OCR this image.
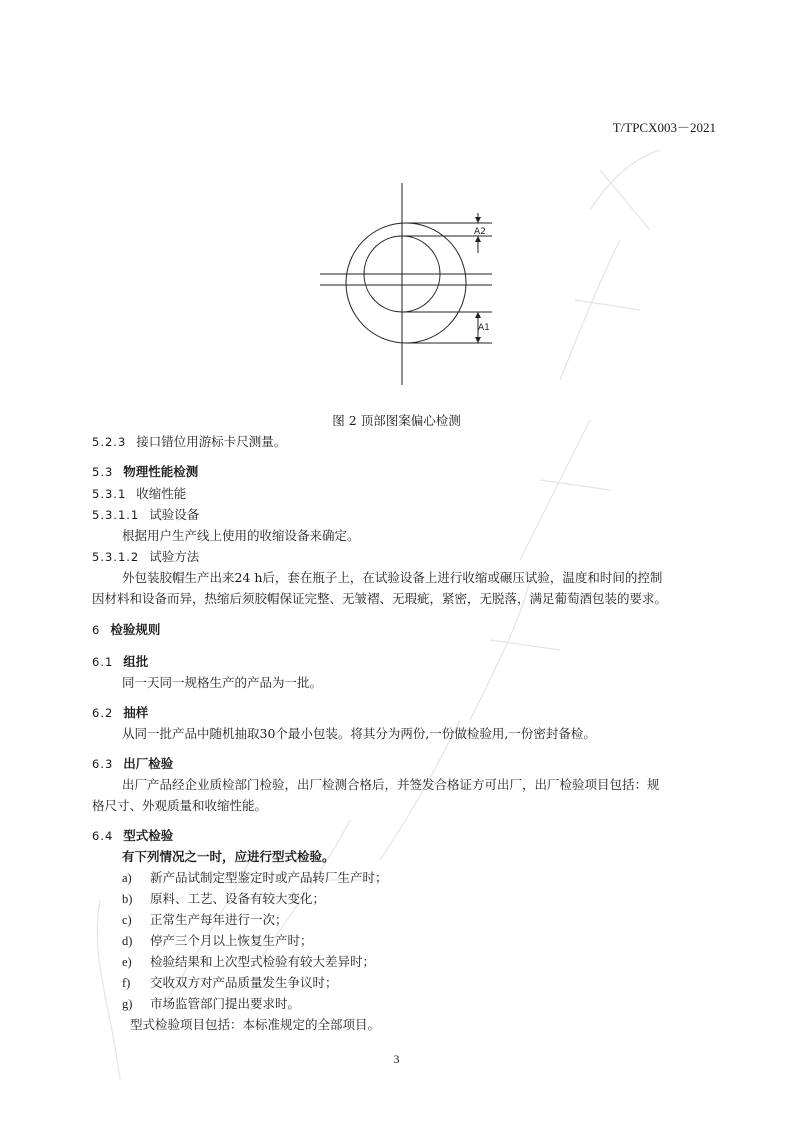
T/TPCX003－2021
A2
A1
图 2 顶部图案偏心检测
5.2.3 接口错位用游标卡尺测量。
5.3 物理性能检测
5.3.1 收缩性能
5.3.1.1 试验设备
根据用户生产线上使用的收缩设备来确定。
5.3.1.2 试验方法
外包装胶帽生产出来24 h后，套在瓶子上，在试验设备上进行收缩或碾压试验，温度和时间的控制
因材料和设备而异，热缩后须胶帽保证完整、无皱褶、无瑕疵，紧密，无脱落，满足葡萄酒包装的要求。
6 检验规则
6.1 组批
同一天同一规格生产的产品为一批。
6.2 抽样
从同一批产品中随机抽取30个最小包装。将其分为两份,一份做检验用,一份密封备检。
6.3 出厂检验
出厂产品经企业质检部门检验，出厂检测合格后，并签发合格证方可出厂，出厂检验项目包括：规
格尺寸、外观质量和收缩性能。
6.4 型式检验
有下列情况之一时，应进行型式检验。
a) 新产品试制定型鉴定时或产品转厂生产时；
b) 原料、工艺、设备有较大变化；
c) 正常生产每年进行一次；
d) 停产三个月以上恢复生产时；
e) 检验结果和上次型式检验有较大差异时；
f) 交收双方对产品质量发生争议时；
g) 市场监管部门提出要求时。
型式检验项目包括：本标准规定的全部项目。
3
